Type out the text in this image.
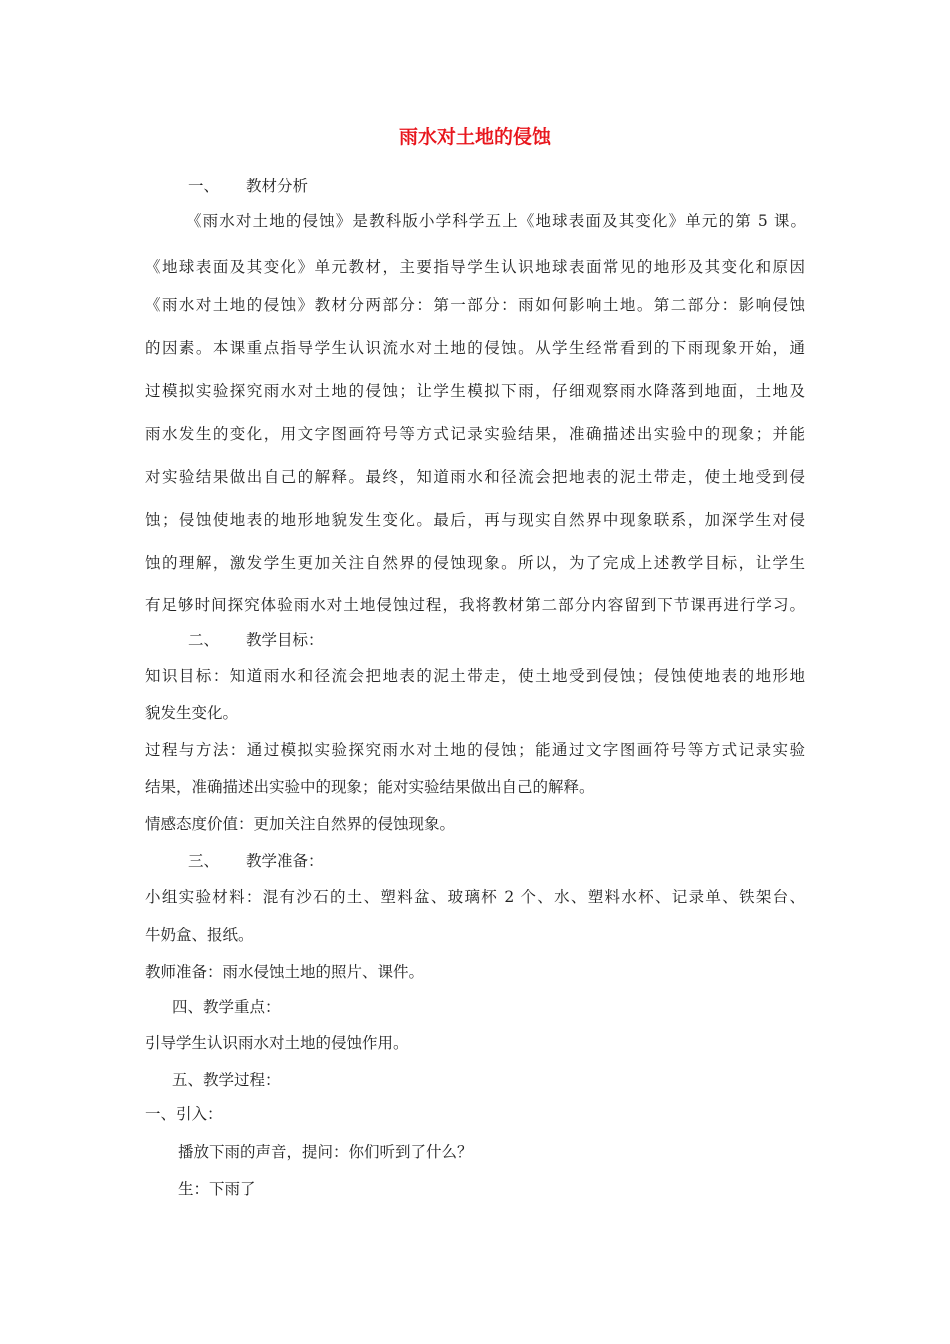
雨水对土地的侵蚀
一、 教材分析
《雨水对土地的侵蚀》是教科版小学科学五上《地球表面及其变化》单元的第 5 课。
《地球表面及其变化》单元教材，主要指导学生认识地球表面常见的地形及其变化和原因
《雨水对土地的侵蚀》教材分两部分：第一部分：雨如何影响土地。第二部分：影响侵蚀
的因素。本课重点指导学生认识流水对土地的侵蚀。从学生经常看到的下雨现象开始，通
过模拟实验探究雨水对土地的侵蚀；让学生模拟下雨，仔细观察雨水降落到地面，土地及
雨水发生的变化，用文字图画符号等方式记录实验结果，准确描述出实验中的现象；并能
对实验结果做出自己的解释。最终，知道雨水和径流会把地表的泥土带走，使土地受到侵
蚀；侵蚀使地表的地形地貌发生变化。最后，再与现实自然界中现象联系，加深学生对侵
蚀的理解，激发学生更加关注自然界的侵蚀现象。所以，为了完成上述教学目标，让学生
有足够时间探究体验雨水对土地侵蚀过程，我将教材第二部分内容留到下节课再进行学习。
二、 教学目标：
知识目标：知道雨水和径流会把地表的泥土带走，使土地受到侵蚀；侵蚀使地表的地形地
貌发生变化。
过程与方法：通过模拟实验探究雨水对土地的侵蚀；能通过文字图画符号等方式记录实验
结果，准确描述出实验中的现象；能对实验结果做出自己的解释。
情感态度价值：更加关注自然界的侵蚀现象。
三、 教学准备：
小组实验材料：混有沙石的土、塑料盆、玻璃杯 2 个、水、塑料水杯、记录单、铁架台、
牛奶盒、报纸。
教师准备：雨水侵蚀土地的照片、课件。
四、教学重点：
引导学生认识雨水对土地的侵蚀作用。
五、教学过程：
一、引入：
播放下雨的声音，提问：你们听到了什么？
生：下雨了
